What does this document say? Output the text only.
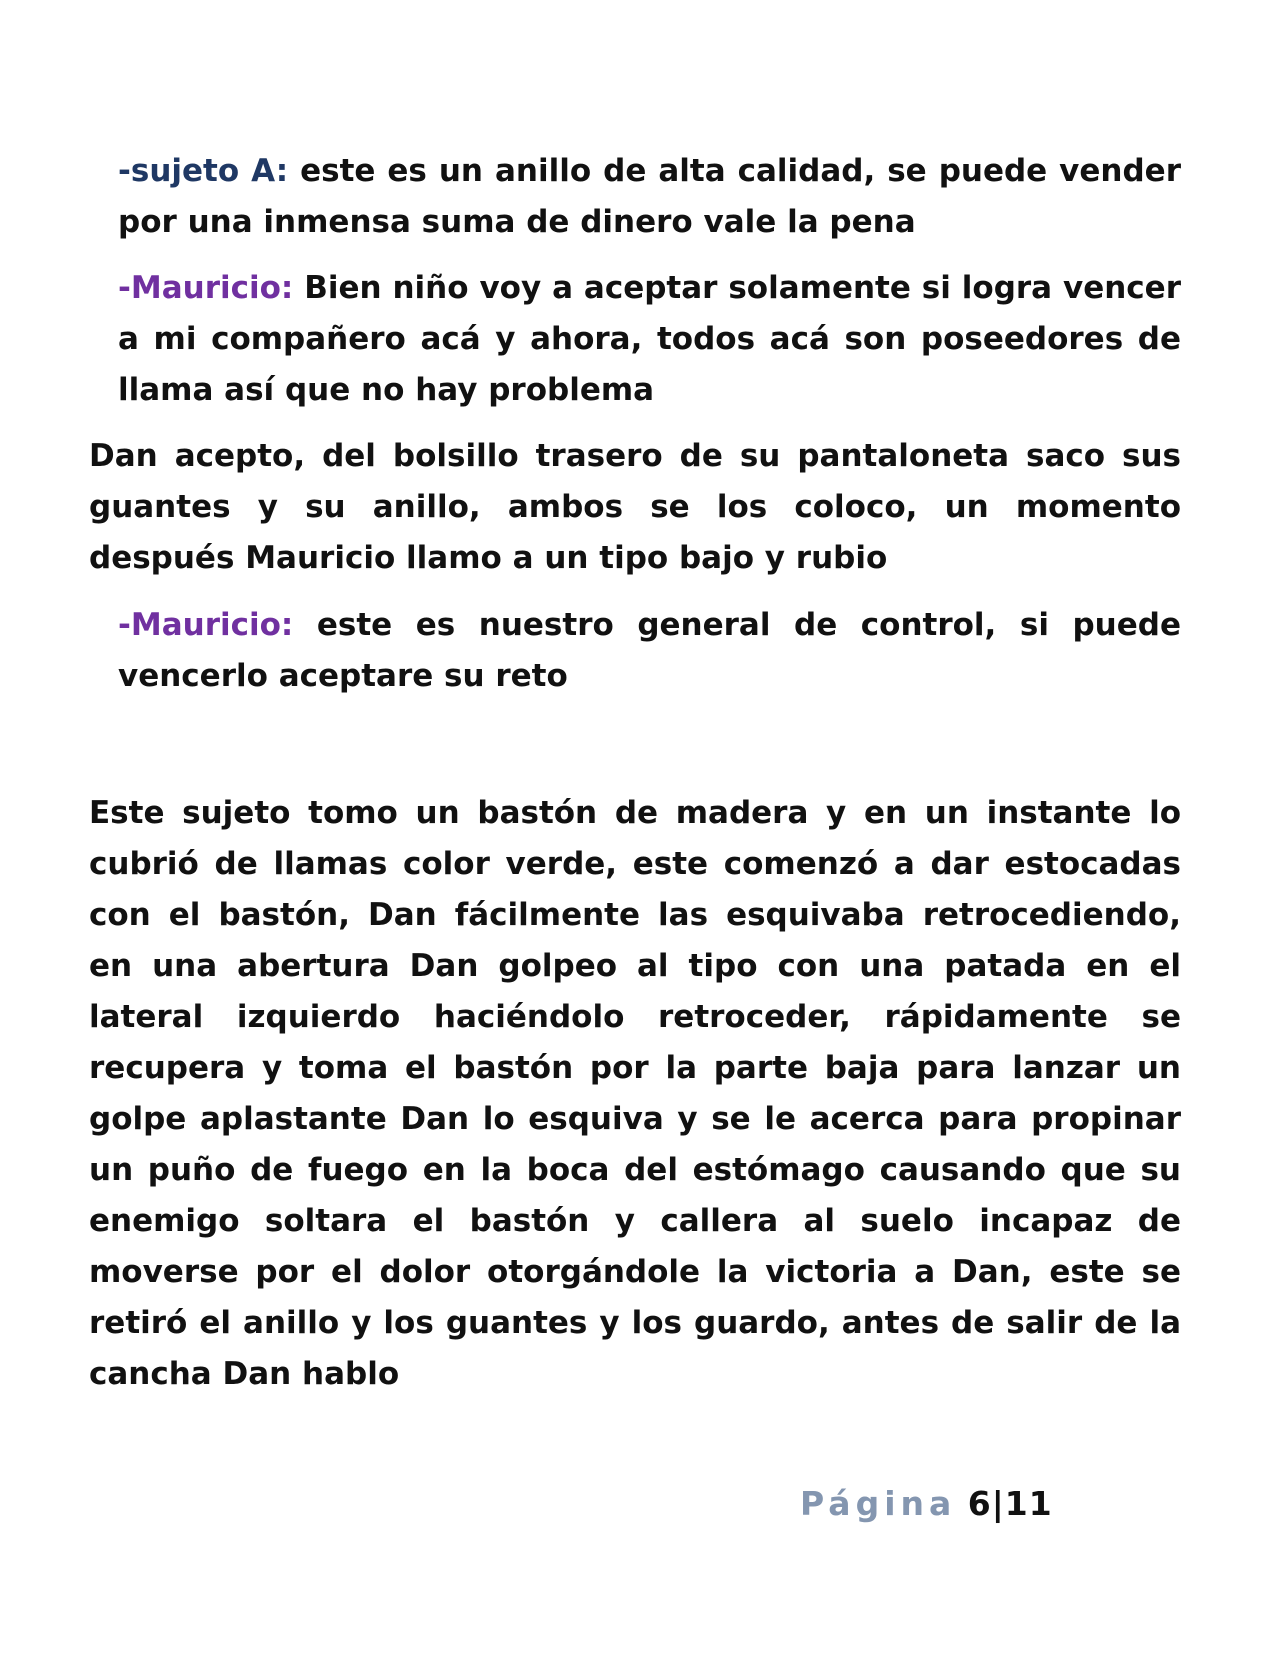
-sujeto A: este es un anillo de alta calidad, se puede vender por una inmensa suma de dinero vale la pena

-Mauricio: Bien niño voy a aceptar solamente si logra vencer a mi compañero acá y ahora, todos acá son poseedores de llama así que no hay problema

Dan acepto, del bolsillo trasero de su pantaloneta saco sus guantes y su anillo, ambos se los coloco, un momento después Mauricio llamo a un tipo bajo y rubio

-Mauricio: este es nuestro general de control, si puede vencerlo aceptare su reto

Este sujeto tomo un bastón de madera y en un instante lo cubrió de llamas color verde, este comenzó a dar estocadas con el bastón, Dan fácilmente las esquivaba retrocediendo, en una abertura Dan golpeo al tipo con una patada en el lateral izquierdo haciéndolo retroceder, rápidamente se recupera y toma el bastón por la parte baja para lanzar un golpe aplastante Dan lo esquiva y se le acerca para propinar un puño de fuego en la boca del estómago causando que su enemigo soltara el bastón y callera al suelo incapaz de moverse por el dolor otorgándole la victoria a Dan, este se retiró el anillo y los guantes y los guardo, antes de salir de la cancha Dan hablo

Página 6|11
